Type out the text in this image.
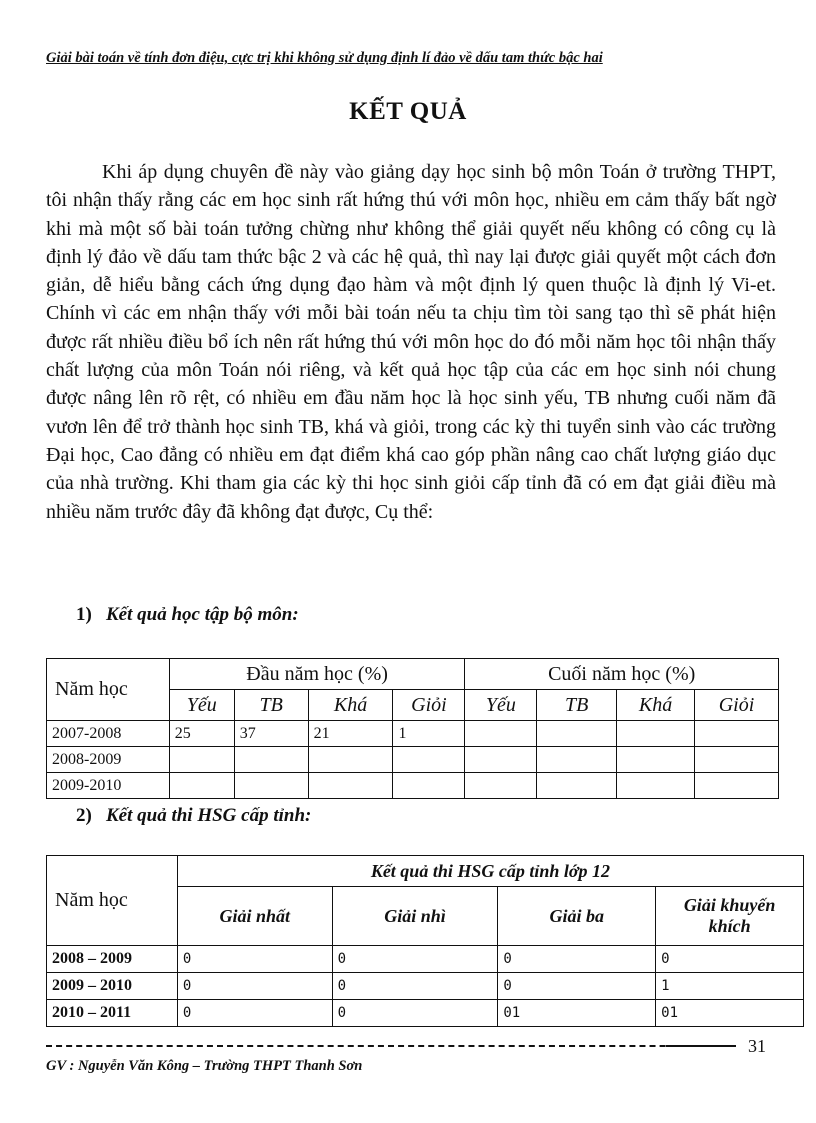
Giải bài toán về tính đơn điệu, cực trị khi không sử dụng định lí đảo về dấu tam thức bậc hai
KẾT QUẢ
Khi áp dụng chuyên đề này vào giảng dạy học sinh bộ môn Toán ở trường THPT, tôi nhận thấy rằng các em học sinh rất hứng thú với môn học, nhiều em cảm thấy bất ngờ khi mà một số bài toán tưởng chừng như không thể giải quyết nếu không có công cụ là định lý đảo về dấu tam thức bậc 2 và các hệ quả, thì nay lại được giải quyết một cách đơn giản, dễ hiểu bằng cách ứng dụng đạo hàm và một định lý quen thuộc là định lý Vi-et. Chính vì các em nhận thấy với mỗi bài toán nếu ta chịu tìm tòi sang tạo thì sẽ phát hiện được rất nhiều điều bổ ích nên rất hứng thú với môn học do đó mỗi năm học tôi nhận thấy chất lượng của môn Toán nói riêng, và kết quả học tập của các em học sinh nói chung được nâng lên rõ rệt, có nhiều em đầu năm học là học sinh yếu, TB nhưng cuối năm đã vươn lên để trở thành học sinh TB, khá và giỏi, trong các kỳ thi tuyển sinh vào các trường Đại học, Cao đẳng có nhiều em đạt điểm khá cao góp phần nâng cao chất lượng giáo dục của nhà trường. Khi tham gia các kỳ thi học sinh giỏi cấp tỉnh đã có em đạt giải điều mà nhiều năm trước đây đã không đạt được, Cụ thể:
1) Kết quả học tập bộ môn:
Năm học	Đầu năm học (%)				Cuối năm học (%)			
	Yếu	TB	Khá	Giỏi	Yếu	TB	Khá	Giỏi
2007-2008	25	37	21	1				
2008-2009								
2009-2010								
2) Kết quả thi HSG cấp tỉnh:
Năm học	Kết quả thi HSG cấp tỉnh lớp 12			
	Giải nhất	Giải nhì	Giải ba	Giải khuyến khích
2008 – 2009	0	0	0	0
2009 – 2010	0	0	0	1
2010 – 2011	0	0	01	01
31
GV : Nguyễn Văn Kông – Trường THPT Thanh Sơn
